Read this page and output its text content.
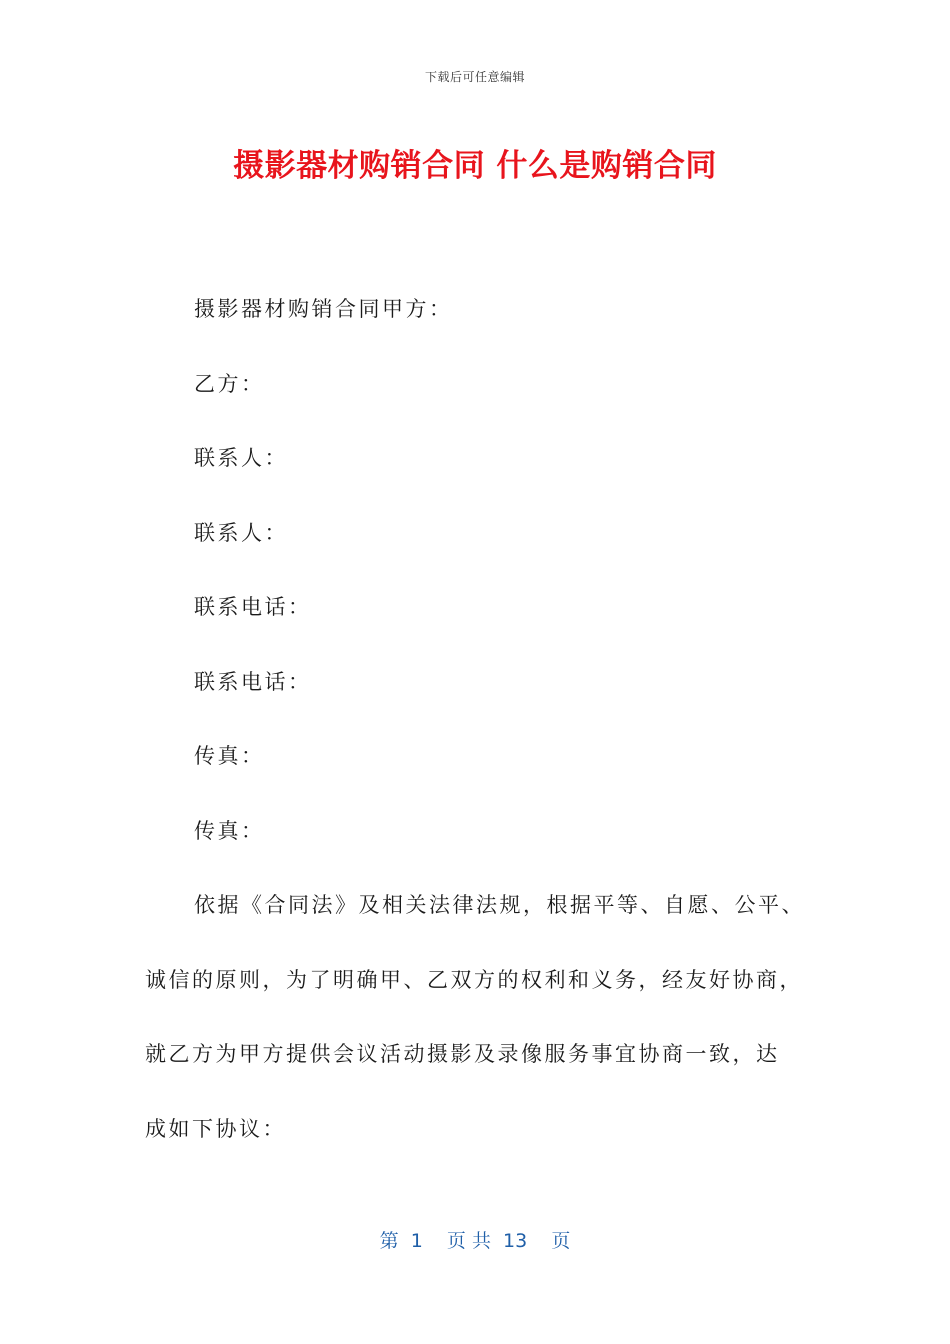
下载后可任意编辑
摄影器材购销合同 什么是购销合同
摄影器材购销合同甲方：
乙方：
联系人：
联系人：
联系电话：
联系电话：
传真：
传真：
依据《合同法》及相关法律法规，根据平等、自愿、公平、
诚信的原则，为了明确甲、乙双方的权利和义务，经友好协商，
就乙方为甲方提供会议活动摄影及录像服务事宜协商一致，达
成如下协议：
第  1    页 共  13    页
